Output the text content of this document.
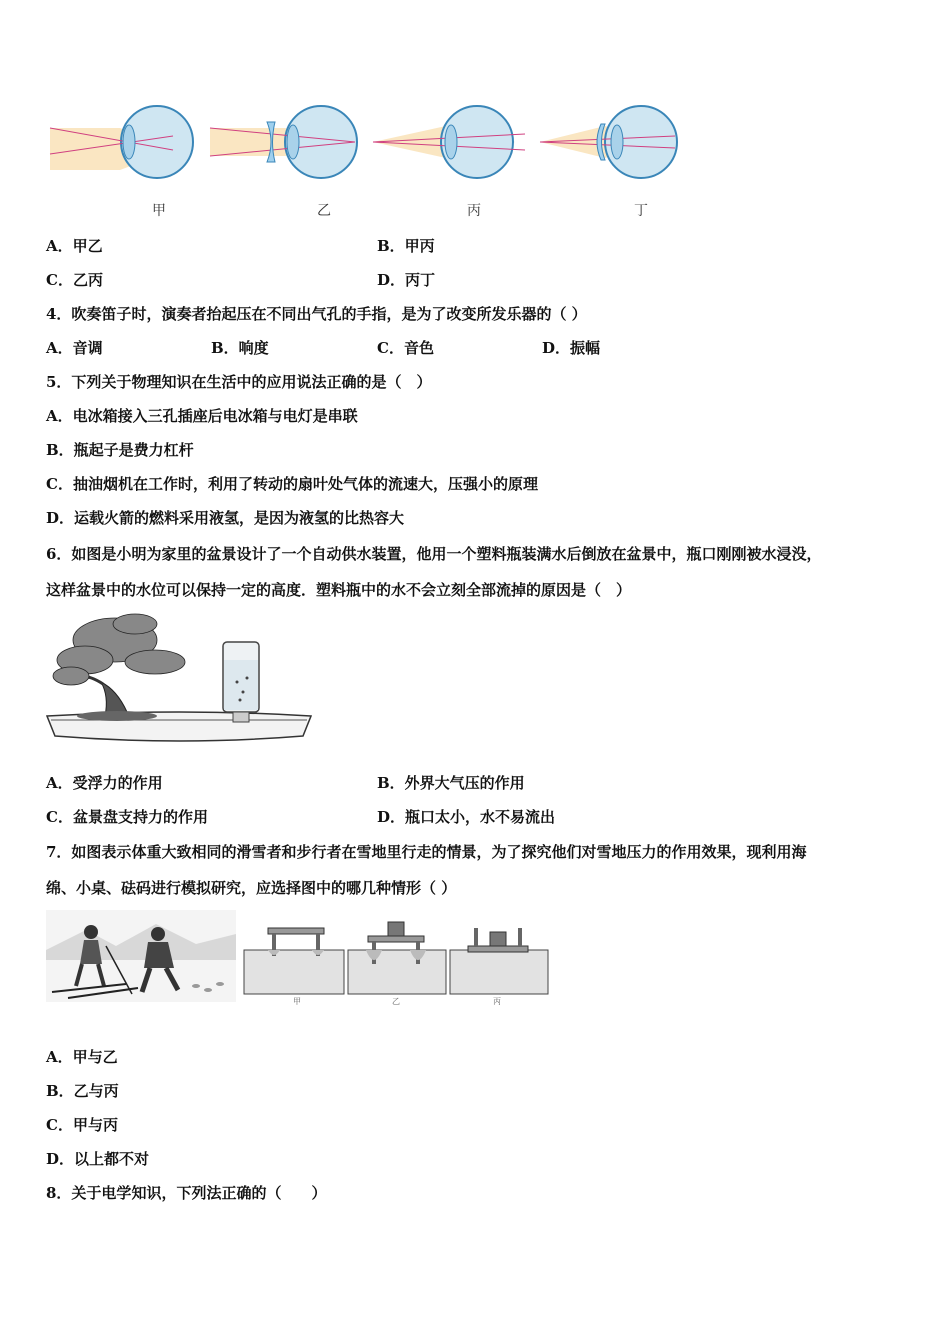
甲	乙	丙	丁
A．甲乙	B．甲丙
C．乙丙	D．丙丁
4．吹奏笛子时，演奏者抬起压在不同出气孔的手指，是为了改变所发乐器的（ ）
A．音调	B．响度	C．音色	D．振幅
5．下列关于物理知识在生活中的应用说法正确的是（　）
A．电冰箱接入三孔插座后电冰箱与电灯是串联
B．瓶起子是费力杠杆
C．抽油烟机在工作时，利用了转动的扇叶处气体的流速大，压强小的原理
D．运载火箭的燃料采用液氢，是因为液氢的比热容大
6．如图是小明为家里的盆景设计了一个自动供水装置，他用一个塑料瓶装满水后倒放在盆景中，瓶口刚刚被水浸没，
这样盆景中的水位可以保持一定的高度．塑料瓶中的水不会立刻全部流掉的原因是（　）
A．受浮力的作用	B．外界大气压的作用
C．盆景盘支持力的作用	D．瓶口太小，水不易流出
7．如图表示体重大致相同的滑雪者和步行者在雪地里行走的情景，为了探究他们对雪地压力的作用效果，现利用海
绵、小桌、砝码进行模拟研究，应选择图中的哪几种情形（ ）
甲	乙	丙
A．甲与乙
B．乙与丙
C．甲与丙
D．以上都不对
8．关于电学知识，下列法正确的（　　）
